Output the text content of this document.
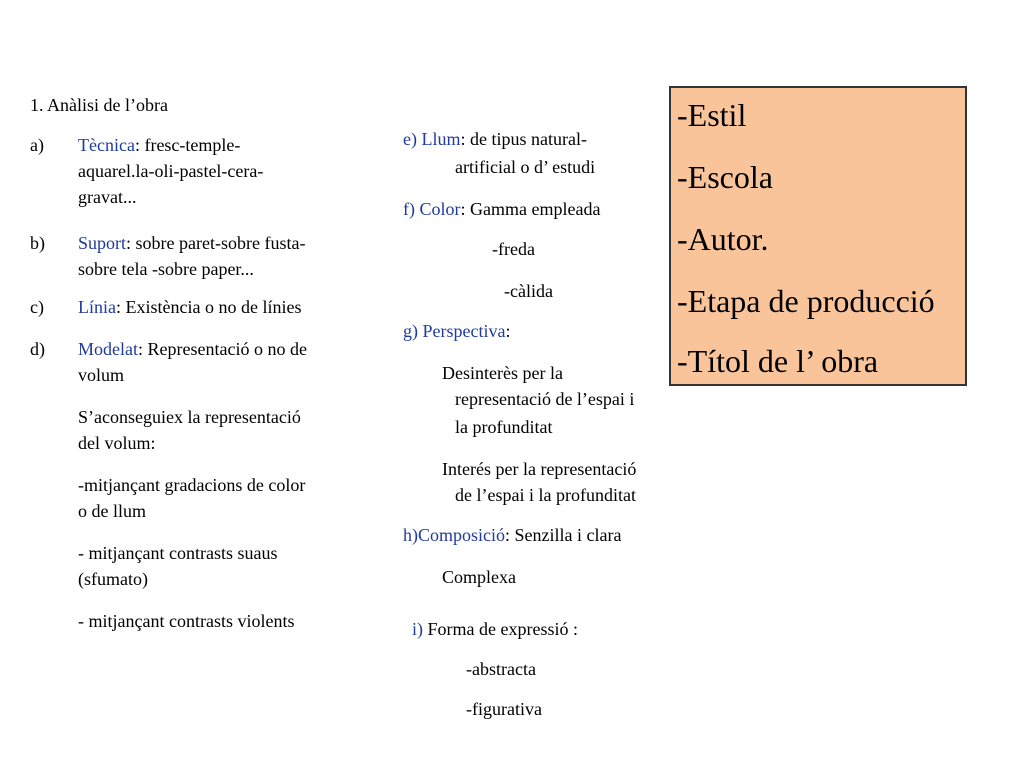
1. Anàlisi de l’obra
a) Tècnica: fresc-temple-

aquarel.la-oli-pastel-cera-

gravat...

b) Suport: sobre paret-sobre fusta-

sobre tela -sobre paper...

c) Línia: Existència o no de línies

d) Modelat: Representació o no de

volum

S’aconseguiex la representació

del volum:

-mitjançant gradacions de color

o de llum

- mitjançant contrasts suaus

(sfumato)

- mitjançant contrasts violents

e) Llum: de tipus natural-
artificial o d’ estudi
f) Color: Gamma empleada
-freda
-càlida
g) Perspectiva:
Desinterès per la
representació de l’espai i
la profunditat
Interés per la representació
de l’espai i la profunditat
h)Composició: Senzilla i clara
Complexa
i) Forma de expressió :
-abstracta
-figurativa
-Estil
-Escola
-Autor.
-Etapa de producció
-Títol de l’ obra
